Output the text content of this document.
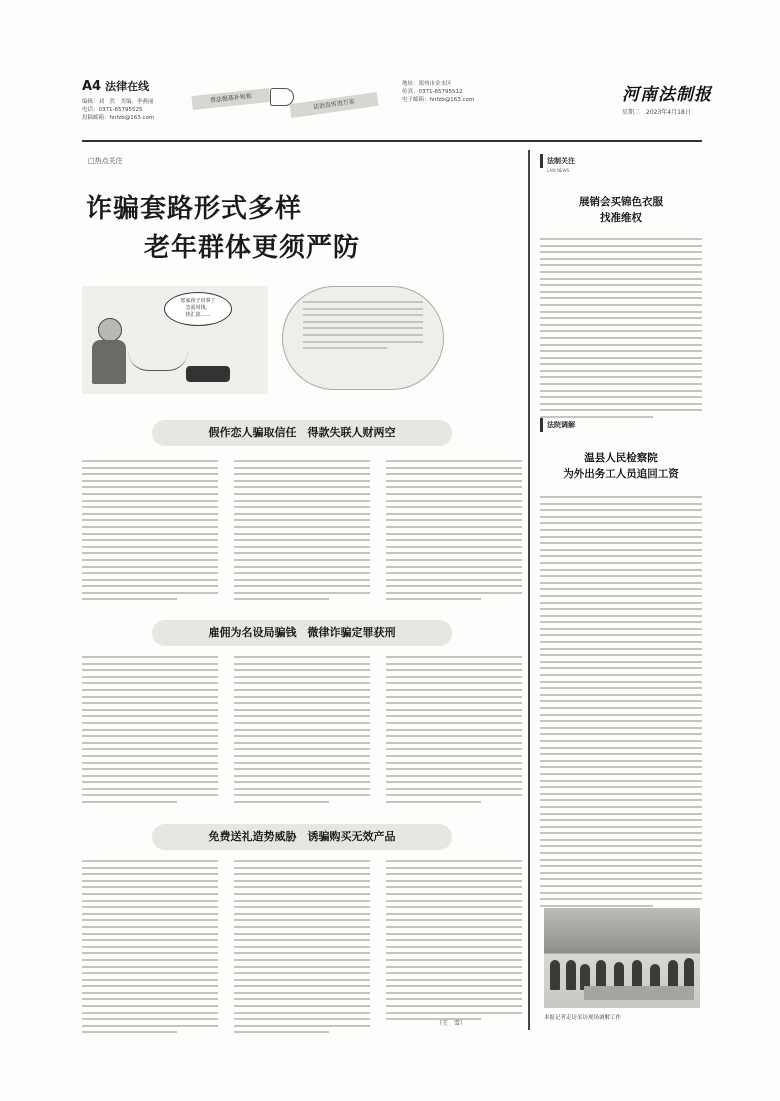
A4 法律在线
编辑：刘　然　美编：李燕丽
电话：0371-65795525
投稿邮箱：hnfzb@163.com
普法强基补短板	法治宣传进万家
地址：郑州市金水区
传真：0371-65795512
电子邮箱：hnfzb@163.com	河南法制报
星期二　2023年4月18日
□热点关注
诈骗套路形式多样
老年群体更须严防
您家孩子出事了
急需用钱，
快汇款……
假作恋人骗取信任　得款失联人财两空
雇佣为名设局骗钱　微律诈骗定罪获刑
免费送礼造势威胁　诱骗购买无效产品
（王　雪）
法制关注
LAW NEWS
展销会买锦色衣服
找准维权
法院调解
温县人民检察院
为外出务工人员追回工资
本报记者走访采访现场调解工作
